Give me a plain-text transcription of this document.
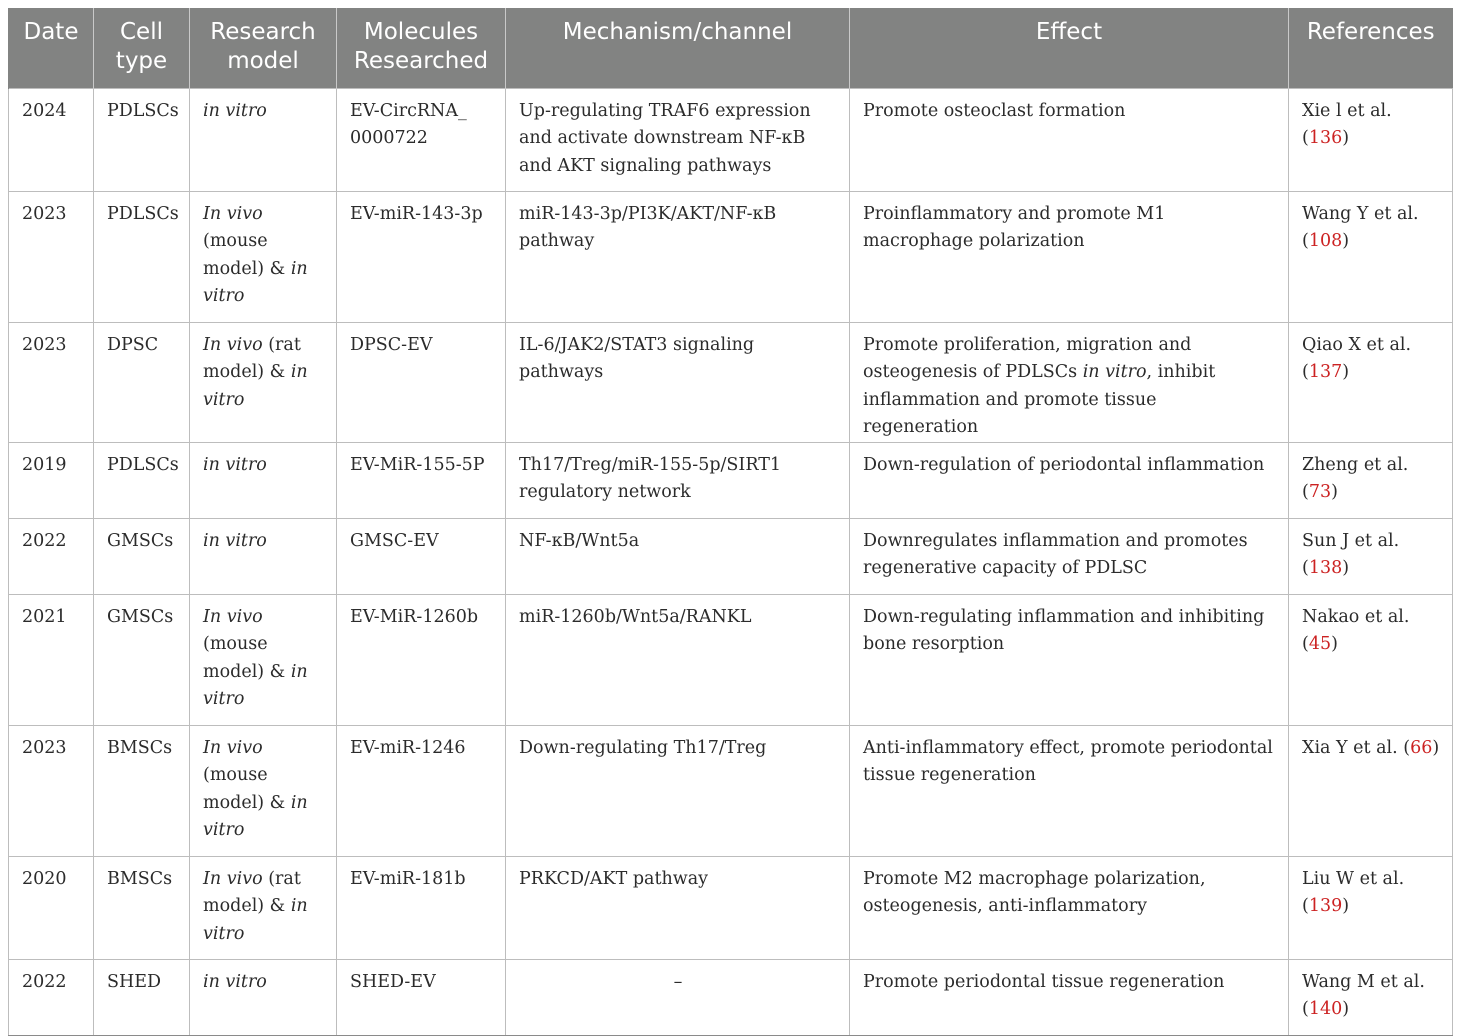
Date	Cell type	Research model	Molecules Researched	Mechanism/channel	Effect	References
2024	PDLSCs	in vitro	EV-CircRNA_ 0000722	Up-regulating TRAF6 expression and activate downstream NF-κB and AKT signaling pathways	Promote osteoclast formation	Xie l et al. (136)
2023	PDLSCs	In vivo (mouse model) & in vitro	EV-miR-143-3p	miR-143-3p/PI3K/AKT/NF-κB pathway	Proinflammatory and promote M1 macrophage polarization	Wang Y et al. (108)
2023	DPSC	In vivo (rat model) & in vitro	DPSC-EV	IL-6/JAK2/STAT3 signaling pathways	Promote proliferation, migration and osteogenesis of PDLSCs in vitro, inhibit inflammation and promote tissue regeneration	Qiao X et al. (137)
2019	PDLSCs	in vitro	EV-MiR-155-5P	Th17/Treg/miR-155-5p/SIRT1 regulatory network	Down-regulation of periodontal inflammation	Zheng et al. (73)
2022	GMSCs	in vitro	GMSC-EV	NF-κB/Wnt5a	Downregulates inflammation and promotes regenerative capacity of PDLSC	Sun J et al. (138)
2021	GMSCs	In vivo (mouse model) & in vitro	EV-MiR-1260b	miR-1260b/Wnt5a/RANKL	Down-regulating inflammation and inhibiting bone resorption	Nakao et al. (45)
2023	BMSCs	In vivo (mouse model) & in vitro	EV-miR-1246	Down-regulating Th17/Treg	Anti-inflammatory effect, promote periodontal tissue regeneration	Xia Y et al. (66)
2020	BMSCs	In vivo (rat model) & in vitro	EV-miR-181b	PRKCD/AKT pathway	Promote M2 macrophage polarization, osteogenesis, anti-inflammatory	Liu W et al. (139)
2022	SHED	in vitro	SHED-EV	–	Promote periodontal tissue regeneration	Wang M et al. (140)
